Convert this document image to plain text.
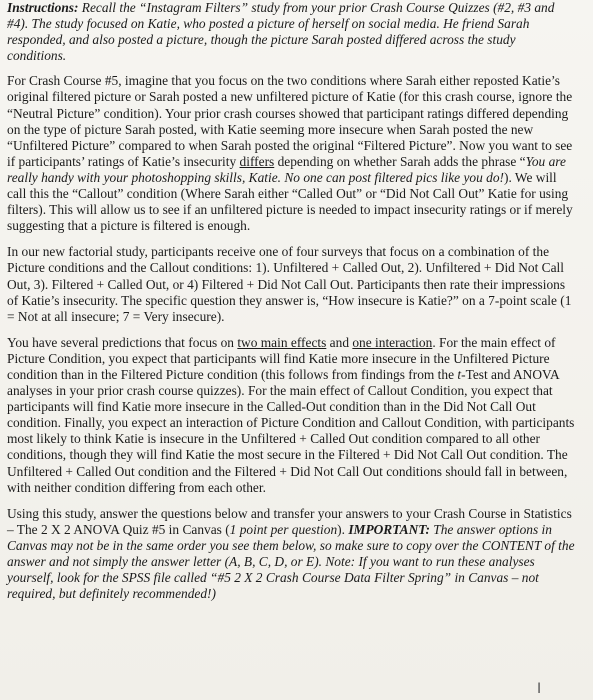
Instructions: Recall the “Instagram Filters” study from your prior Crash Course Quizzes (#2, #3 and #4). The study focused on Katie, who posted a picture of herself on social media. He friend Sarah responded, and also posted a picture, though the picture Sarah posted differed across the study conditions.

For Crash Course #5, imagine that you focus on the two conditions where Sarah either reposted Katie’s original filtered picture or Sarah posted a new unfiltered picture of Katie (for this crash course, ignore the “Neutral Picture” condition). Your prior crash courses showed that participant ratings differed depending on the type of picture Sarah posted, with Katie seeming more insecure when Sarah posted the new “Unfiltered Picture” compared to when Sarah posted the original “Filtered Picture”. Now you want to see if participants’ ratings of Katie’s insecurity differs depending on whether Sarah adds the phrase “You are really handy with your photoshopping skills, Katie. No one can post filtered pics like you do!). We will call this the “Callout” condition (Where Sarah either “Called Out” or “Did Not Call Out” Katie for using filters). This will allow us to see if an unfiltered picture is needed to impact insecurity ratings or if merely suggesting that a picture is filtered is enough.

In our new factorial study, participants receive one of four surveys that focus on a combination of the Picture conditions and the Callout conditions: 1). Unfiltered + Called Out, 2). Unfiltered + Did Not Call Out, 3). Filtered + Called Out, or 4) Filtered + Did Not Call Out. Participants then rate their impressions of Katie’s insecurity. The specific question they answer is, “How insecure is Katie?” on a 7-point scale (1 = Not at all insecure; 7 = Very insecure).

You have several predictions that focus on two main effects and one interaction. For the main effect of Picture Condition, you expect that participants will find Katie more insecure in the Unfiltered Picture condition than in the Filtered Picture condition (this follows from findings from the t-Test and ANOVA analyses in your prior crash course quizzes). For the main effect of Callout Condition, you expect that participants will find Katie more insecure in the Called-Out condition than in the Did Not Call Out condition. Finally, you expect an interaction of Picture Condition and Callout Condition, with participants most likely to think Katie is insecure in the Unfiltered + Called Out condition compared to all other conditions, though they will find Katie the most secure in the Filtered + Did Not Call Out condition. The Unfiltered + Called Out condition and the Filtered + Did Not Call Out conditions should fall in between, with neither condition differing from each other.

Using this study, answer the questions below and transfer your answers to your Crash Course in Statistics – The 2 X 2 ANOVA Quiz #5 in Canvas (1 point per question). IMPORTANT: The answer options in Canvas may not be in the same order you see them below, so make sure to copy over the CONTENT of the answer and not simply the answer letter (A, B, C, D, or E). Note: If you want to run these analyses yourself, look for the SPSS file called “#5 2 X 2 Crash Course Data Filter Spring” in Canvas – not required, but definitely recommended!)

I
